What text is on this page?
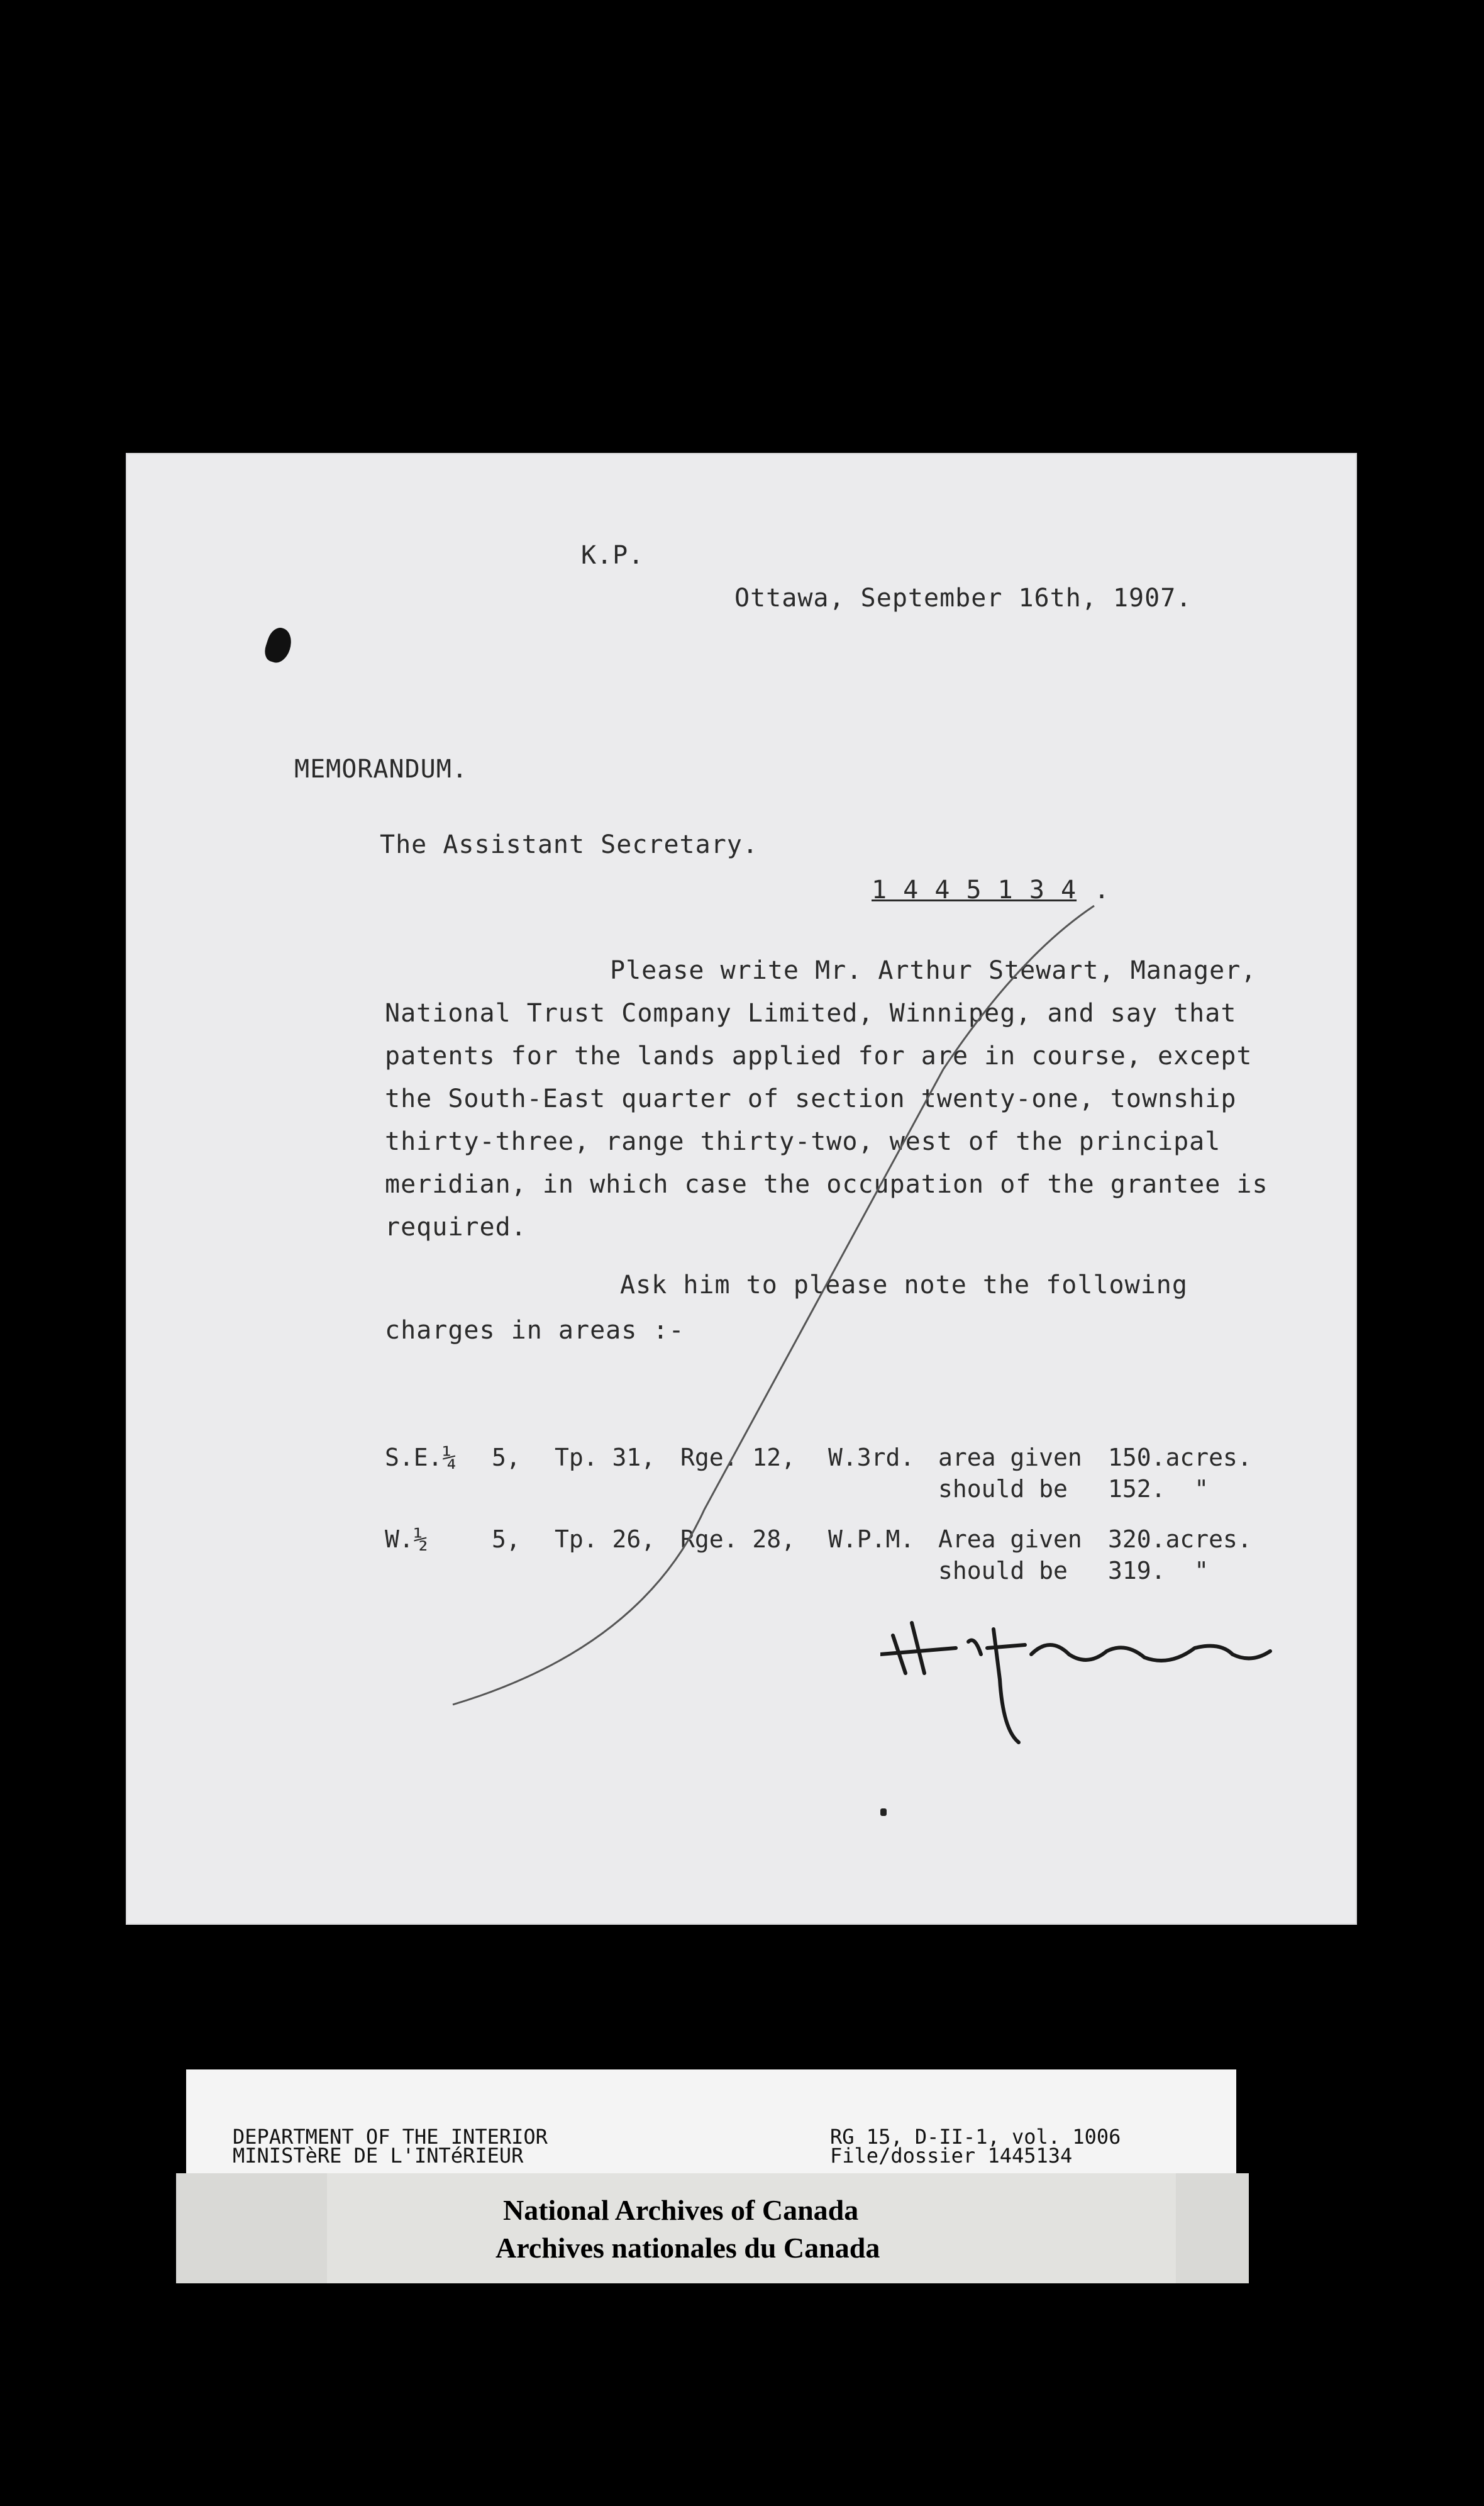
K.P.
Ottawa, September 16th, 1907.
MEMORANDUM.
The Assistant Secretary.
1 4 4 5 1 3 4 .
Please write Mr. Arthur Stewart, Manager,
National Trust Company Limited, Winnipeg, and say that
patents for the lands applied for are in course, except
the South-East quarter of section twenty-one, township
thirty-three, range thirty-two, west of the principal
meridian, in which case the occupation of the grantee is
required.
Ask him to please note the following
charges in areas :-
S.E.¼ 5, Tp. 31, Rge. 12, W.3rd. area given 150.acres.
should be 152.  "
W.½	5, Tp. 26, Rge. 28, W.P.M. Area given 320.acres.
should be 319.  "
DEPARTMENT OF THE INTERIOR
MINISTèRE DE L'INTéRIEUR
RG 15, D-II-1, vol. 1006
File/dossier 1445134
National Archives of Canada
Archives nationales du Canada
